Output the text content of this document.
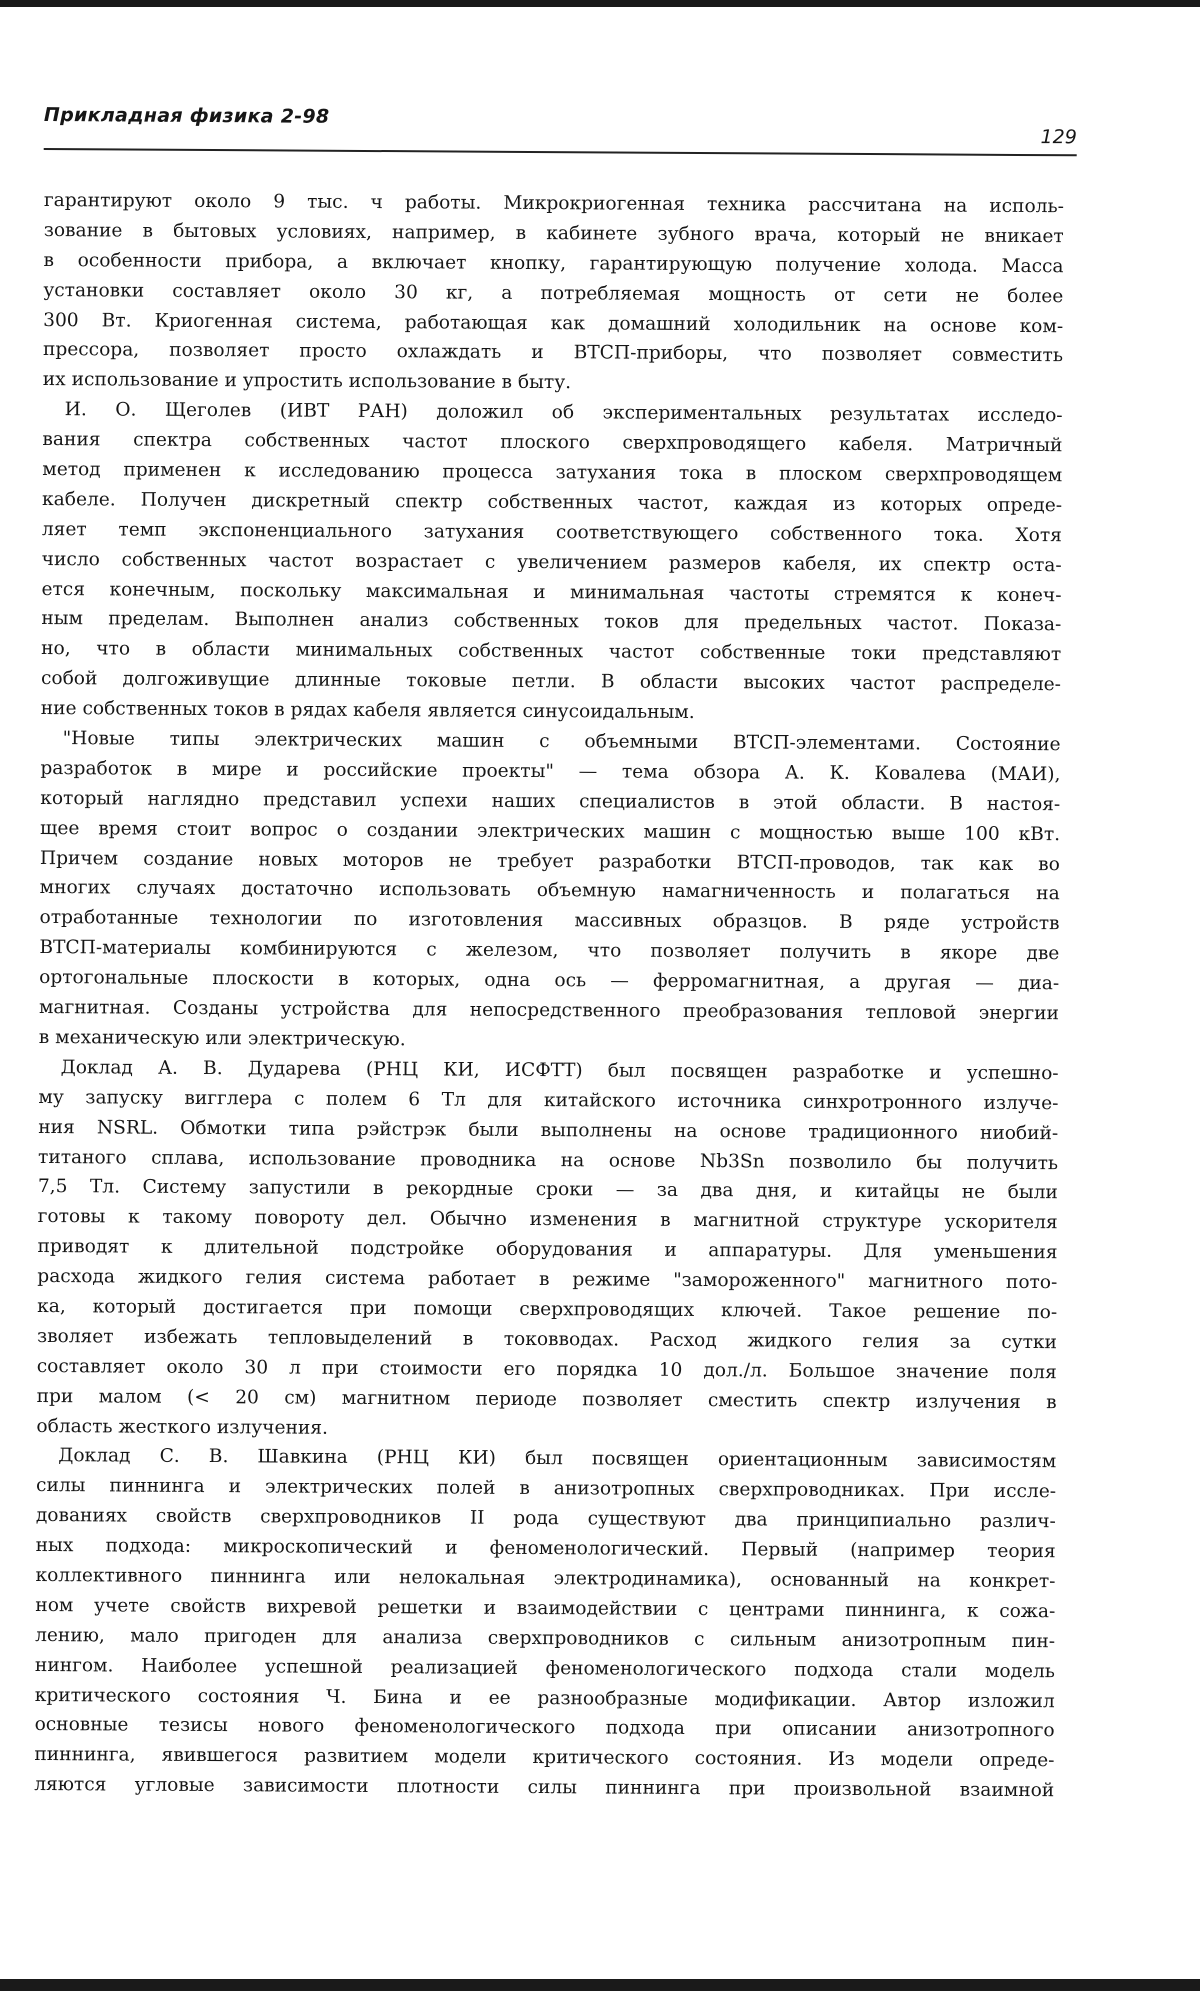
Прикладная физика 2-98
129
гарантируют около 9 тыс. ч работы. Микрокриогенная техника рассчитана на исполь-
зование в бытовых условиях, например, в кабинете зубного врача, который не вникает
в особенности прибора, а включает кнопку, гарантирующую получение холода. Масса
установки составляет около 30 кг, а потребляемая мощность от сети не более
300 Вт. Криогенная система, работающая как домашний холодильник на основе ком-
прессора, позволяет просто охлаждать и ВТСП-приборы, что позволяет совместить
их использование и упростить использование в быту.
И. О. Щеголев (ИВТ РАН) доложил об экспериментальных результатах исследо-
вания спектра собственных частот плоского сверхпроводящего кабеля. Матричный
метод применен к исследованию процесса затухания тока в плоском сверхпроводящем
кабеле. Получен дискретный спектр собственных частот, каждая из которых опреде-
ляет темп экспоненциального затухания соответствующего собственного тока. Хотя
число собственных частот возрастает с увеличением размеров кабеля, их спектр оста-
ется конечным, поскольку максимальная и минимальная частоты стремятся к конеч-
ным пределам. Выполнен анализ собственных токов для предельных частот. Показа-
но, что в области минимальных собственных частот собственные токи представляют
собой долгоживущие длинные токовые петли. В области высоких частот распределе-
ние собственных токов в рядах кабеля является синусоидальным.
"Новые типы электрических машин с объемными ВТСП-элементами. Состояние
разработок в мире и российские проекты" — тема обзора А. К. Ковалева (МАИ),
который наглядно представил успехи наших специалистов в этой области. В настоя-
щее время стоит вопрос о создании электрических машин с мощностью выше 100 кВт.
Причем создание новых моторов не требует разработки ВТСП-проводов, так как во
многих случаях достаточно использовать объемную намагниченность и полагаться на
отработанные технологии по изготовления массивных образцов. В ряде устройств
ВТСП-материалы комбинируются с железом, что позволяет получить в якоре две
ортогональные плоскости в которых, одна ось — ферромагнитная, а другая — диа-
магнитная. Созданы устройства для непосредственного преобразования тепловой энергии
в механическую или электрическую.
Доклад А. В. Дударева (РНЦ КИ, ИСФТТ) был посвящен разработке и успешно-
му запуску вигглера с полем 6 Тл для китайского источника синхротронного излуче-
ния NSRL. Обмотки типа рэйстрэк были выполнены на основе традиционного ниобий-
титаного сплава, использование проводника на основе Nb3Sn позволило бы получить
7,5 Тл. Систему запустили в рекордные сроки — за два дня, и китайцы не были
готовы к такому повороту дел. Обычно изменения в магнитной структуре ускорителя
приводят к длительной подстройке оборудования и аппаратуры. Для уменьшения
расхода жидкого гелия система работает в режиме "замороженного" магнитного пото-
ка, который достигается при помощи сверхпроводящих ключей. Такое решение по-
зволяет избежать тепловыделений в токовводах. Расход жидкого гелия за сутки
составляет около 30 л при стоимости его порядка 10 дол./л. Большое значение поля
при малом (< 20 см) магнитном периоде позволяет сместить спектр излучения в
область жесткого излучения.
Доклад С. В. Шавкина (РНЦ КИ) был посвящен ориентационным зависимостям
силы пиннинга и электрических полей в анизотропных сверхпроводниках. При иссле-
дованиях свойств сверхпроводников II рода существуют два принципиально различ-
ных подхода: микроскопический и феноменологический. Первый (например теория
коллективного пиннинга или нелокальная электродинамика), основанный на конкрет-
ном учете свойств вихревой решетки и взаимодействии с центрами пиннинга, к сожа-
лению, мало пригоден для анализа сверхпроводников с сильным анизотропным пин-
нингом. Наиболее успешной реализацией феноменологического подхода стали модель
критического состояния Ч. Бина и ее разнообразные модификации. Автор изложил
основные тезисы нового феноменологического подхода при описании анизотропного
пиннинга, явившегося развитием модели критического состояния. Из модели опреде-
ляются угловые зависимости плотности силы пиннинга при произвольной взаимной
